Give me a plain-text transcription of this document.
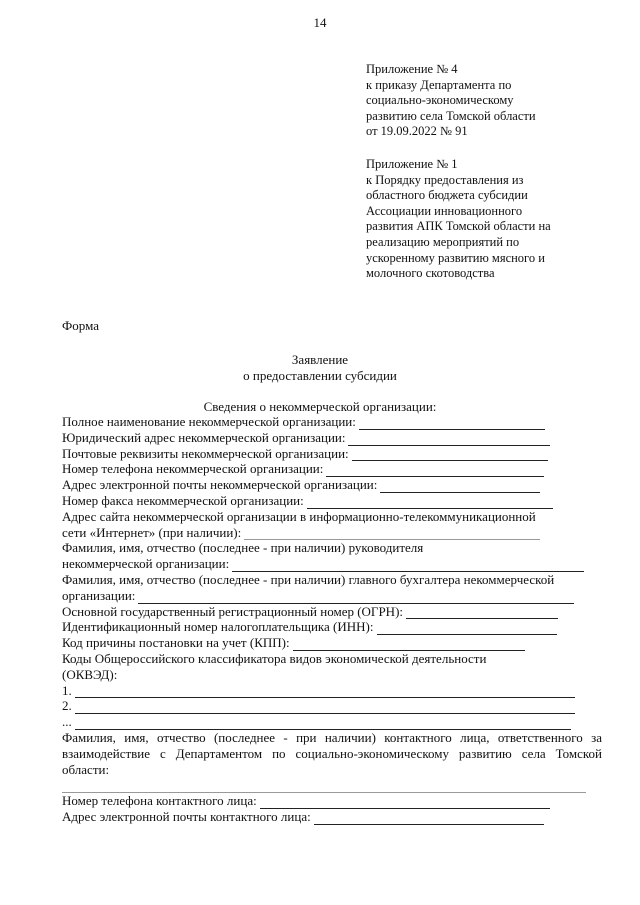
14
Приложение № 4
к приказу Департамента по
социально-экономическому
развитию села Томской области
от 19.09.2022 № 91
Приложение № 1
к Порядку предоставления из
областного бюджета субсидии
Ассоциации инновационного
развития АПК Томской области на
реализацию мероприятий по
ускоренному развитию мясного и
молочного скотоводства
Форма
Заявление
о предоставлении субсидии
Сведения о некоммерческой организации:
Полное наименование некоммерческой организации:
Юридический адрес некоммерческой организации:
Почтовые реквизиты некоммерческой организации:
Номер телефона некоммерческой организации:
Адрес электронной почты некоммерческой организации:
Номер факса некоммерческой организации:
Адрес сайта некоммерческой организации в информационно-телекоммуникационной
сети «Интернет» (при наличии):
Фамилия, имя, отчество (последнее - при наличии) руководителя
некоммерческой организации:
Фамилия, имя, отчество (последнее - при наличии) главного бухгалтера некоммерческой
организации:
Основной государственный регистрационный номер (ОГРН):
Идентификационный номер налогоплательщика (ИНН):
Код причины постановки на учет (КПП):
Коды Общероссийского классификатора видов экономической деятельности
(ОКВЭД):
1.
2.
...
Фамилия, имя, отчество (последнее - при наличии) контактного лица, ответственного за взаимодействие с Департаментом по социально-экономическому развитию села Томской области:
Номер телефона контактного лица:
Адрес электронной почты контактного лица:
